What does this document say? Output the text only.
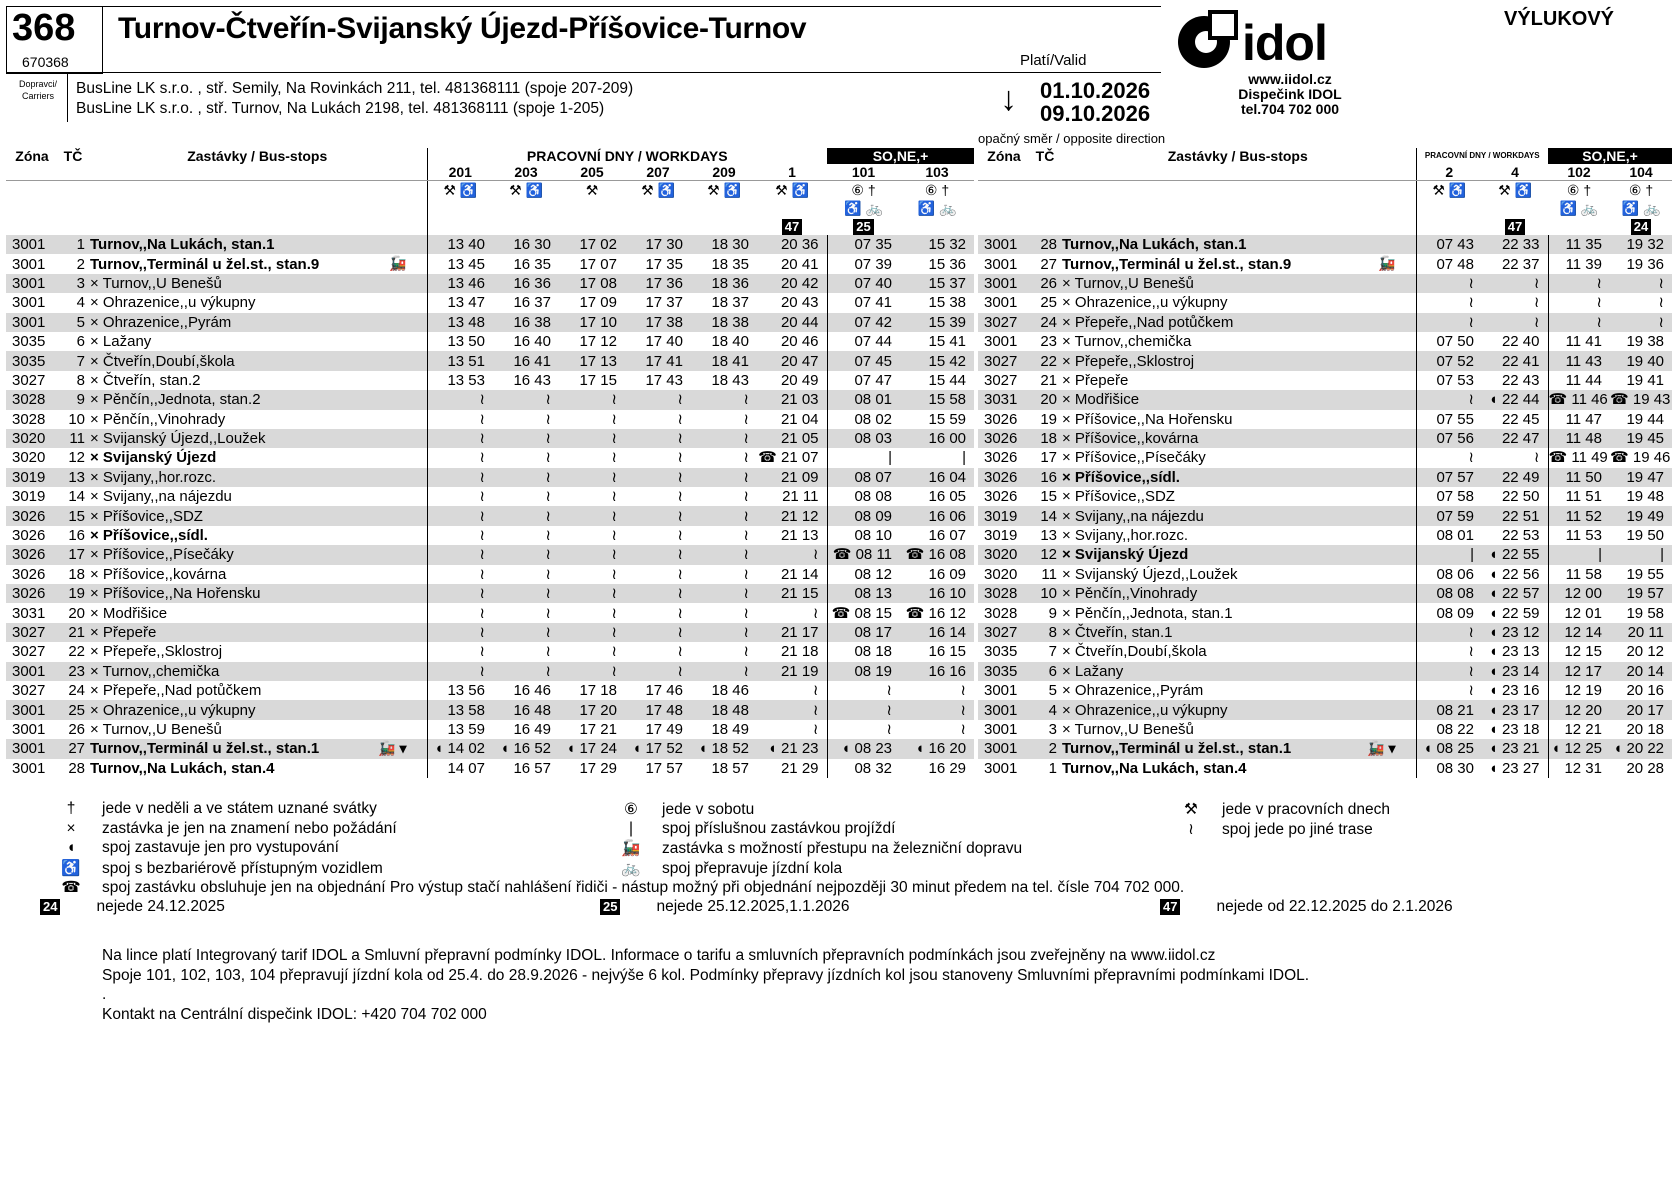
368
670368
Turnov-Čtveřín-Svijanský Újezd-Příšovice-Turnov
Dopravci/
Carriers	BusLine LK s.r.o. , stř. Semily, Na Rovinkách 211, tel. 481368111 (spoje 207-209)
BusLine LK s.r.o. , stř. Turnov, Na Lukách 2198, tel. 481368111 (spoje 1-205)
Platí/Valid
↓ 01.10.2026
09.10.2026
idol
www.iidol.cz
Dispečink IDOL
tel.704 702 000
VÝLUKOVÝ
opačný směr / opposite direction
Zóna	TČ	Zastávky / Bus-stops	PRACOVNÍ DNY / WORKDAYS						SO,NE,+	
			201	203	205	207	209	1	101	103
			⚒ ♿	⚒ ♿	⚒	⚒ ♿	⚒ ♿	⚒ ♿	⑥ †	⑥ †
									♿ 🚲	♿ 🚲
								47	25	
3001	1	Turnov,,Na Lukách, stan.1	13 40	16 30	17 02	17 30	18 30	20 36	07 35	15 32
3001	2	Turnov,,Terminál u žel.st., stan.9 🚂	13 45	16 35	17 07	17 35	18 35	20 41	07 39	15 36
3001	3	× Turnov,,U Benešů	13 46	16 36	17 08	17 36	18 36	20 42	07 40	15 37
3001	4	× Ohrazenice,,u výkupny	13 47	16 37	17 09	17 37	18 37	20 43	07 41	15 38
3001	5	× Ohrazenice,,Pyrám	13 48	16 38	17 10	17 38	18 38	20 44	07 42	15 39
3035	6	× Lažany	13 50	16 40	17 12	17 40	18 40	20 46	07 44	15 41
3035	7	× Čtveřín,Doubí,škola	13 51	16 41	17 13	17 41	18 41	20 47	07 45	15 42
3027	8	× Čtveřín, stan.2	13 53	16 43	17 15	17 43	18 43	20 49	07 47	15 44
3028	9	× Pěnčín,,Jednota, stan.2	≀	≀	≀	≀	≀	21 03	08 01	15 58
3028	10	× Pěnčín,,Vinohrady	≀	≀	≀	≀	≀	21 04	08 02	15 59
3020	11	× Svijanský Újezd,,Loužek	≀	≀	≀	≀	≀	21 05	08 03	16 00
3020	12	× Svijanský Újezd	≀	≀	≀	≀	≀	☎ 21 07	|	|
3019	13	× Svijany,,hor.rozc.	≀	≀	≀	≀	≀	21 09	08 07	16 04
3019	14	× Svijany,,na nájezdu	≀	≀	≀	≀	≀	21 11	08 08	16 05
3026	15	× Příšovice,,SDZ	≀	≀	≀	≀	≀	21 12	08 09	16 06
3026	16	× Příšovice,,sídl.	≀	≀	≀	≀	≀	21 13	08 10	16 07
3026	17	× Příšovice,,Písečáky	≀	≀	≀	≀	≀	≀	☎ 08 11	☎ 16 08
3026	18	× Příšovice,,kovárna	≀	≀	≀	≀	≀	21 14	08 12	16 09
3026	19	× Příšovice,,Na Hořensku	≀	≀	≀	≀	≀	21 15	08 13	16 10
3031	20	× Modřišice	≀	≀	≀	≀	≀	≀	☎ 08 15	☎ 16 12
3027	21	× Přepeře	≀	≀	≀	≀	≀	21 17	08 17	16 14
3027	22	× Přepeře,,Sklostroj	≀	≀	≀	≀	≀	21 18	08 18	16 15
3001	23	× Turnov,,chemička	≀	≀	≀	≀	≀	21 19	08 19	16 16
3027	24	× Přepeře,,Nad potůčkem	13 56	16 46	17 18	17 46	18 46	≀	≀	≀
3001	25	× Ohrazenice,,u výkupny	13 58	16 48	17 20	17 48	18 48	≀	≀	≀
3001	26	× Turnov,,U Benešů	13 59	16 49	17 21	17 49	18 49	≀	≀	≀
3001	27	Turnov,,Terminál u žel.st., stan.1 🚂 ▾	◖ 14 02	◖ 16 52	◖ 17 24	◖ 17 52	◖ 18 52	◖ 21 23	◖ 08 23	◖ 16 20
3001	28	Turnov,,Na Lukách, stan.4	14 07	16 57	17 29	17 57	18 57	21 29	08 32	16 29
Zóna	TČ	Zastávky / Bus-stops	PRACOVNÍ DNY / WORKDAYS		SO,NE,+	
			2	4	102	104
			⚒ ♿	⚒ ♿	⑥ †	⑥ †
					♿ 🚲	♿ 🚲
				47		24
3001	28	Turnov,,Na Lukách, stan.1	07 43	22 33	11 35	19 32
3001	27	Turnov,,Terminál u žel.st., stan.9 🚂	07 48	22 37	11 39	19 36
3001	26	× Turnov,,U Benešů	≀	≀	≀	≀
3001	25	× Ohrazenice,,u výkupny	≀	≀	≀	≀
3027	24	× Přepeře,,Nad potůčkem	≀	≀	≀	≀
3001	23	× Turnov,,chemička	07 50	22 40	11 41	19 38
3027	22	× Přepeře,,Sklostroj	07 52	22 41	11 43	19 40
3027	21	× Přepeře	07 53	22 43	11 44	19 41
3031	20	× Modřišice	≀	◖ 22 44	☎ 11 46	☎ 19 43
3026	19	× Příšovice,,Na Hořensku	07 55	22 45	11 47	19 44
3026	18	× Příšovice,,kovárna	07 56	22 47	11 48	19 45
3026	17	× Příšovice,,Písečáky	≀	≀	☎ 11 49	☎ 19 46
3026	16	× Příšovice,,sídl.	07 57	22 49	11 50	19 47
3026	15	× Příšovice,,SDZ	07 58	22 50	11 51	19 48
3019	14	× Svijany,,na nájezdu	07 59	22 51	11 52	19 49
3019	13	× Svijany,,hor.rozc.	08 01	22 53	11 53	19 50
3020	12	× Svijanský Újezd	|	◖ 22 55	|	|
3020	11	× Svijanský Újezd,,Loužek	08 06	◖ 22 56	11 58	19 55
3028	10	× Pěnčín,,Vinohrady	08 08	◖ 22 57	12 00	19 57
3028	9	× Pěnčín,,Jednota, stan.1	08 09	◖ 22 59	12 01	19 58
3027	8	× Čtveřín, stan.1	≀	◖ 23 12	12 14	20 11
3035	7	× Čtveřín,Doubí,škola	≀	◖ 23 13	12 15	20 12
3035	6	× Lažany	≀	◖ 23 14	12 17	20 14
3001	5	× Ohrazenice,,Pyrám	≀	◖ 23 16	12 19	20 16
3001	4	× Ohrazenice,,u výkupny	08 21	◖ 23 17	12 20	20 17
3001	3	× Turnov,,U Benešů	08 22	◖ 23 18	12 21	20 18
3001	2	Turnov,,Terminál u žel.st., stan.1 🚂 ▾	◖ 08 25	◖ 23 21	◖ 12 25	◖ 20 22
3001	1	Turnov,,Na Lukách, stan.4	08 30	◖ 23 27	12 31	20 28
† jede v neděli a ve státem uznané svátky	⑥ jede v sobotu	⚒ jede v pracovních dnech
× zastávka je jen na znamení nebo požádání	| spoj příslušnou zastávkou projíždí	≀ spoj jede po jiné trase
◖ spoj zastavuje jen pro vystupování	🚂 zastávka s možností přestupu na železniční dopravu
♿ spoj s bezbariérově přístupným vozidlem	🚲 spoj přepravuje jízdní kola
☎ spoj zastávku obsluhuje jen na objednání Pro výstup stačí nahlášení řidiči - nástup možný při objednání nejpozději 30 minut předem na tel. čísle 704 702 000.
24	nejede 24.12.2025	25	nejede 25.12.2025,1.1.2026	47	nejede od 22.12.2025 do 2.1.2026
Na lince platí Integrovaný tarif IDOL a Smluvní přepravní podmínky IDOL. Informace o tarifu a smluvních přepravních podmínkách jsou zveřejněny na www.iidol.cz
Spoje 101, 102, 103, 104 přepravují jízdní kola od 25.4. do 28.9.2026 - nejvýše 6 kol. Podmínky přepravy jízdních kol jsou stanoveny Smluvními přepravními podmínkami IDOL.
.
Kontakt na Centrální dispečink IDOL: +420 704 702 000
